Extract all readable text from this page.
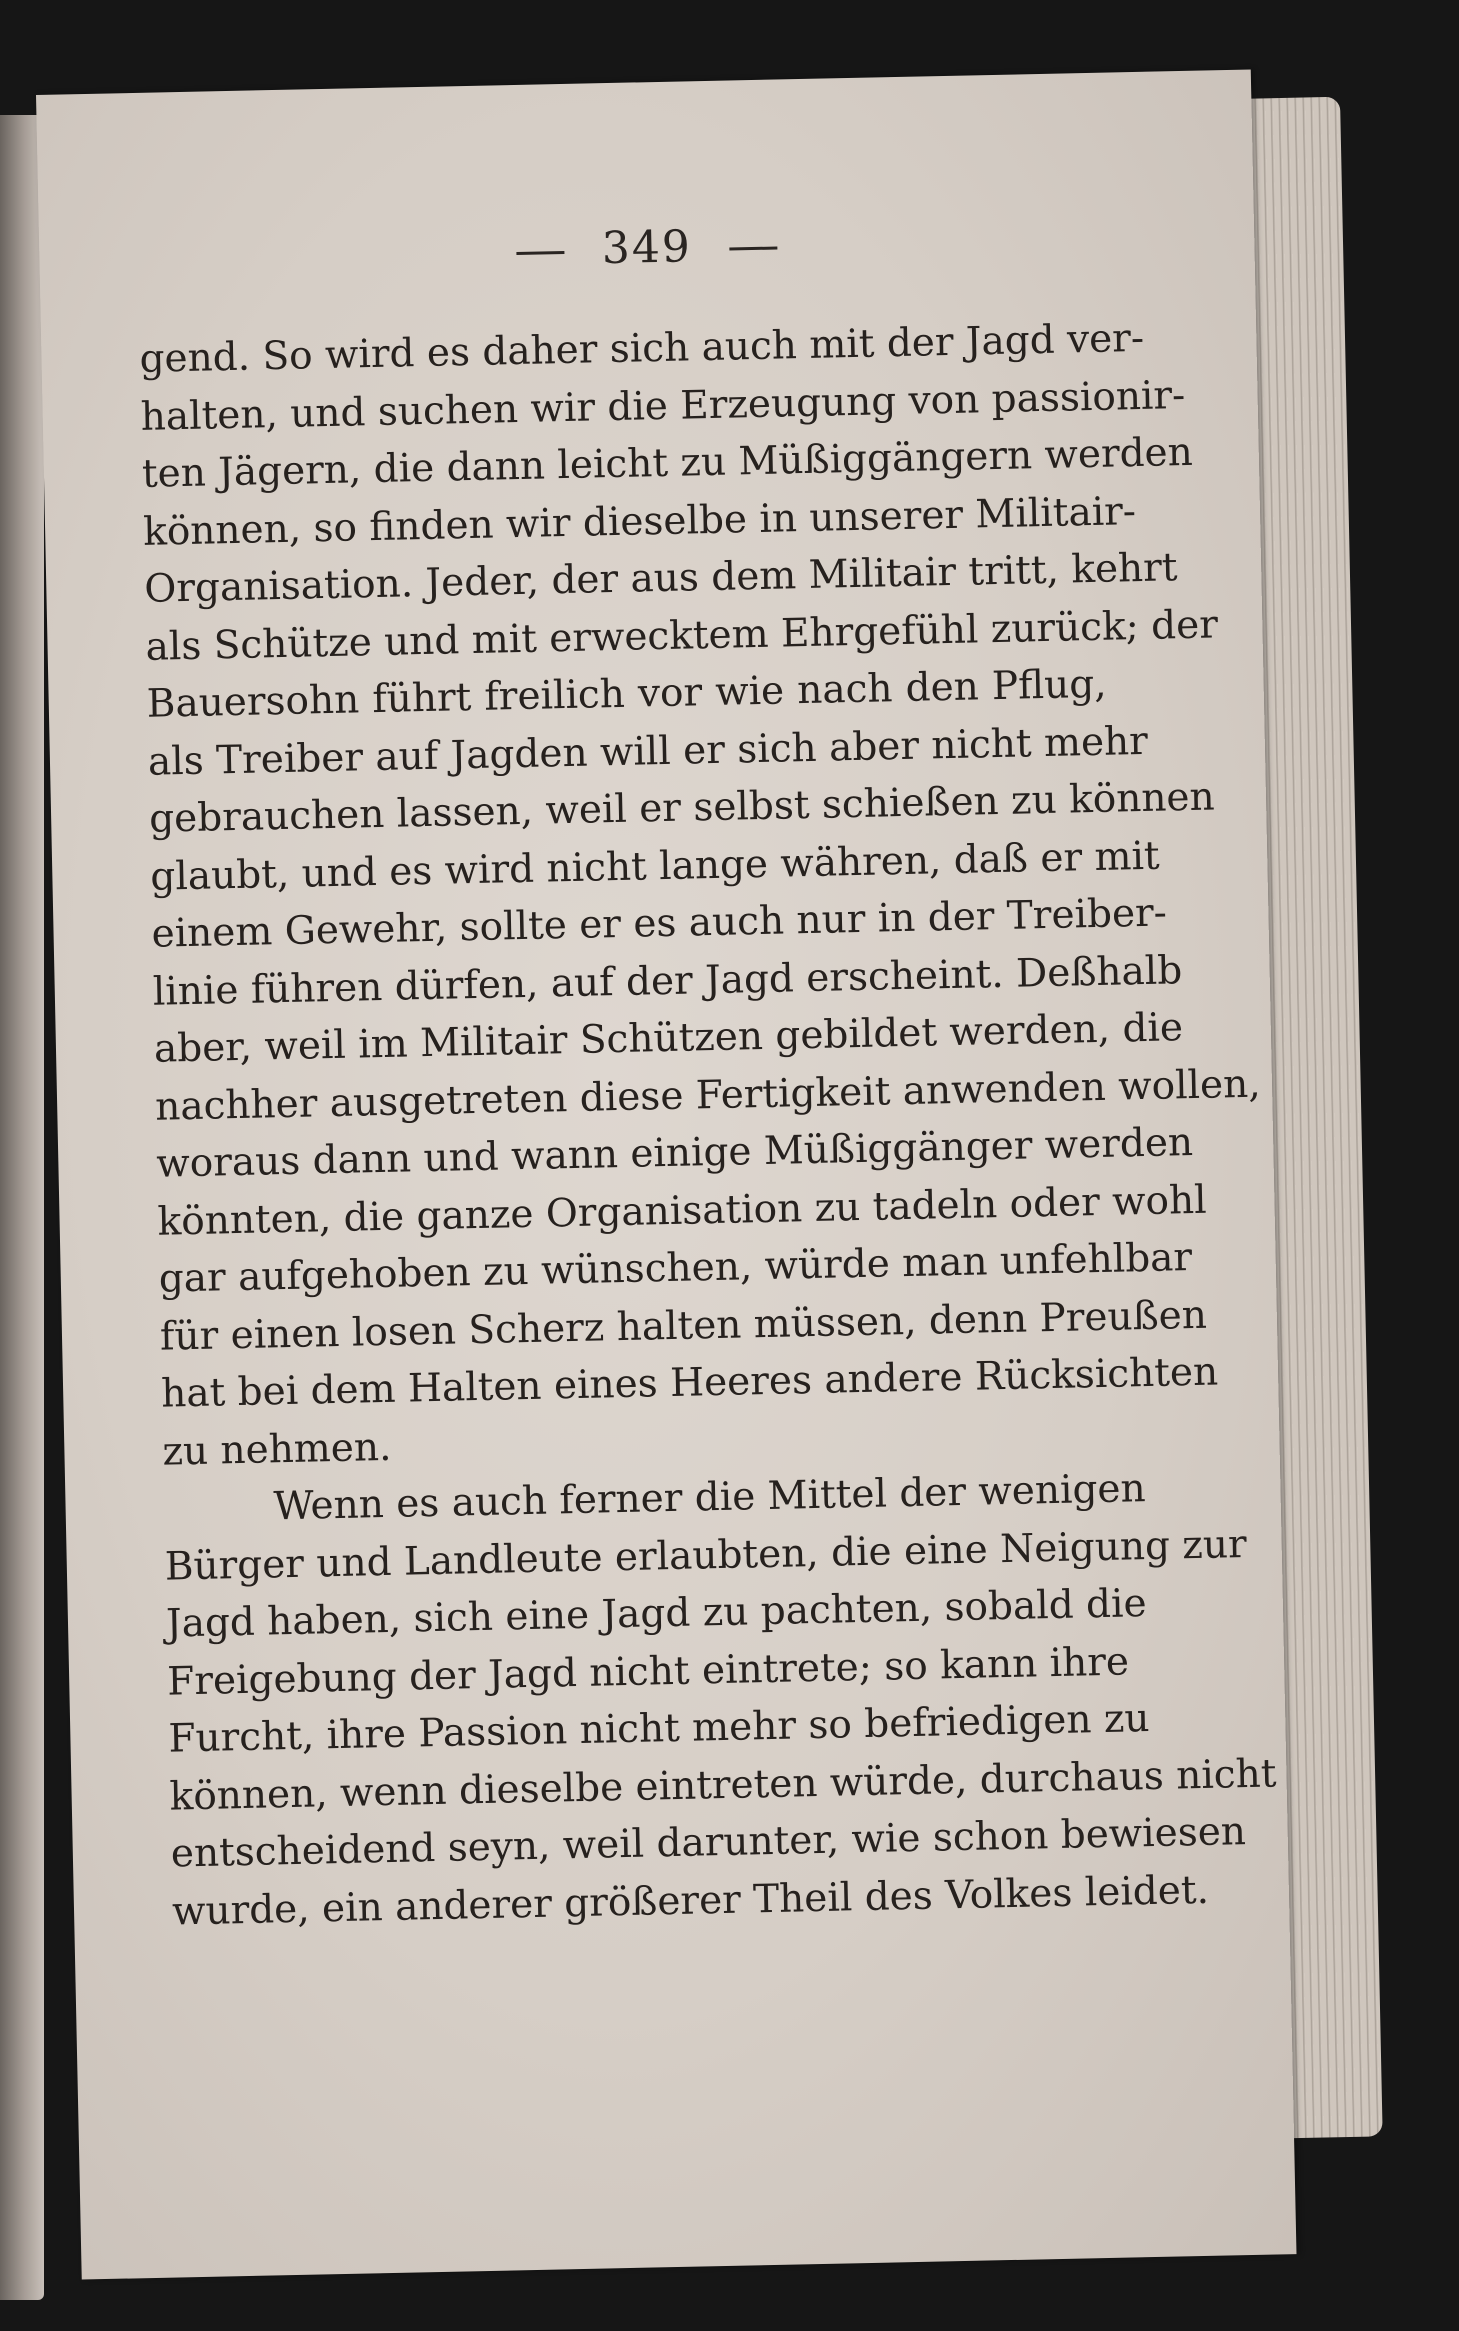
349
gend. So wird es daher sich auch mit der Jagd ver-
halten, und suchen wir die Erzeugung von passionir-
ten Jägern, die dann leicht zu Müßiggängern werden
können, so finden wir dieselbe in unserer Militair-
Organisation. Jeder, der aus dem Militair tritt, kehrt
als Schütze und mit erwecktem Ehrgefühl zurück; der
Bauersohn führt freilich vor wie nach den Pflug,
als Treiber auf Jagden will er sich aber nicht mehr
gebrauchen lassen, weil er selbst schießen zu können
glaubt, und es wird nicht lange währen, daß er mit
einem Gewehr, sollte er es auch nur in der Treiber-
linie führen dürfen, auf der Jagd erscheint. Deßhalb
aber, weil im Militair Schützen gebildet werden, die
nachher ausgetreten diese Fertigkeit anwenden wollen,
woraus dann und wann einige Müßiggänger werden
könnten, die ganze Organisation zu tadeln oder wohl
gar aufgehoben zu wünschen, würde man unfehlbar
für einen losen Scherz halten müssen, denn Preußen
hat bei dem Halten eines Heeres andere Rücksichten
zu nehmen.
Wenn es auch ferner die Mittel der wenigen
Bürger und Landleute erlaubten, die eine Neigung zur
Jagd haben, sich eine Jagd zu pachten, sobald die
Freigebung der Jagd nicht eintrete; so kann ihre
Furcht, ihre Passion nicht mehr so befriedigen zu
können, wenn dieselbe eintreten würde, durchaus nicht
entscheidend seyn, weil darunter, wie schon bewiesen
wurde, ein anderer größerer Theil des Volkes leidet.
